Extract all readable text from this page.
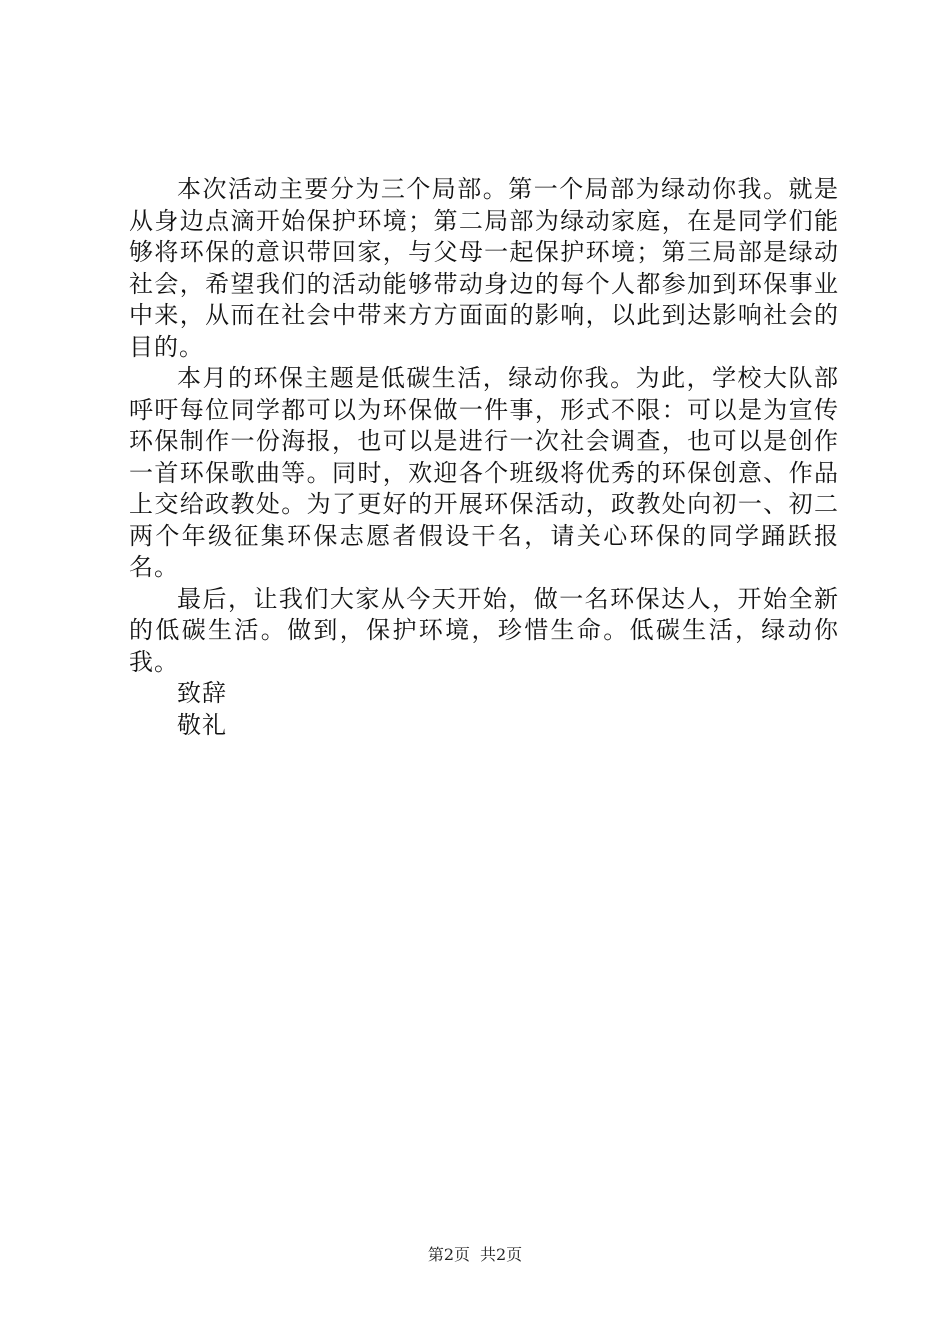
本次活动主要分为三个局部。第一个局部为绿动你我。就是从身边点滴开始保护环境；第二局部为绿动家庭，在是同学们能够将环保的意识带回家，与父母一起保护环境；第三局部是绿动社会，希望我们的活动能够带动身边的每个人都参加到环保事业中来，从而在社会中带来方方面面的影响，以此到达影响社会的目的。

本月的环保主题是低碳生活，绿动你我。为此，学校大队部呼吁每位同学都可以为环保做一件事，形式不限：可以是为宣传环保制作一份海报，也可以是进行一次社会调查，也可以是创作一首环保歌曲等。同时，欢迎各个班级将优秀的环保创意、作品上交给政教处。为了更好的开展环保活动，政教处向初一、初二两个年级征集环保志愿者假设干名，请关心环保的同学踊跃报名。

最后，让我们大家从今天开始，做一名环保达人，开始全新的低碳生活。做到，保护环境，珍惜生命。低碳生活，绿动你我。

致辞

敬礼

第2页 共2页
